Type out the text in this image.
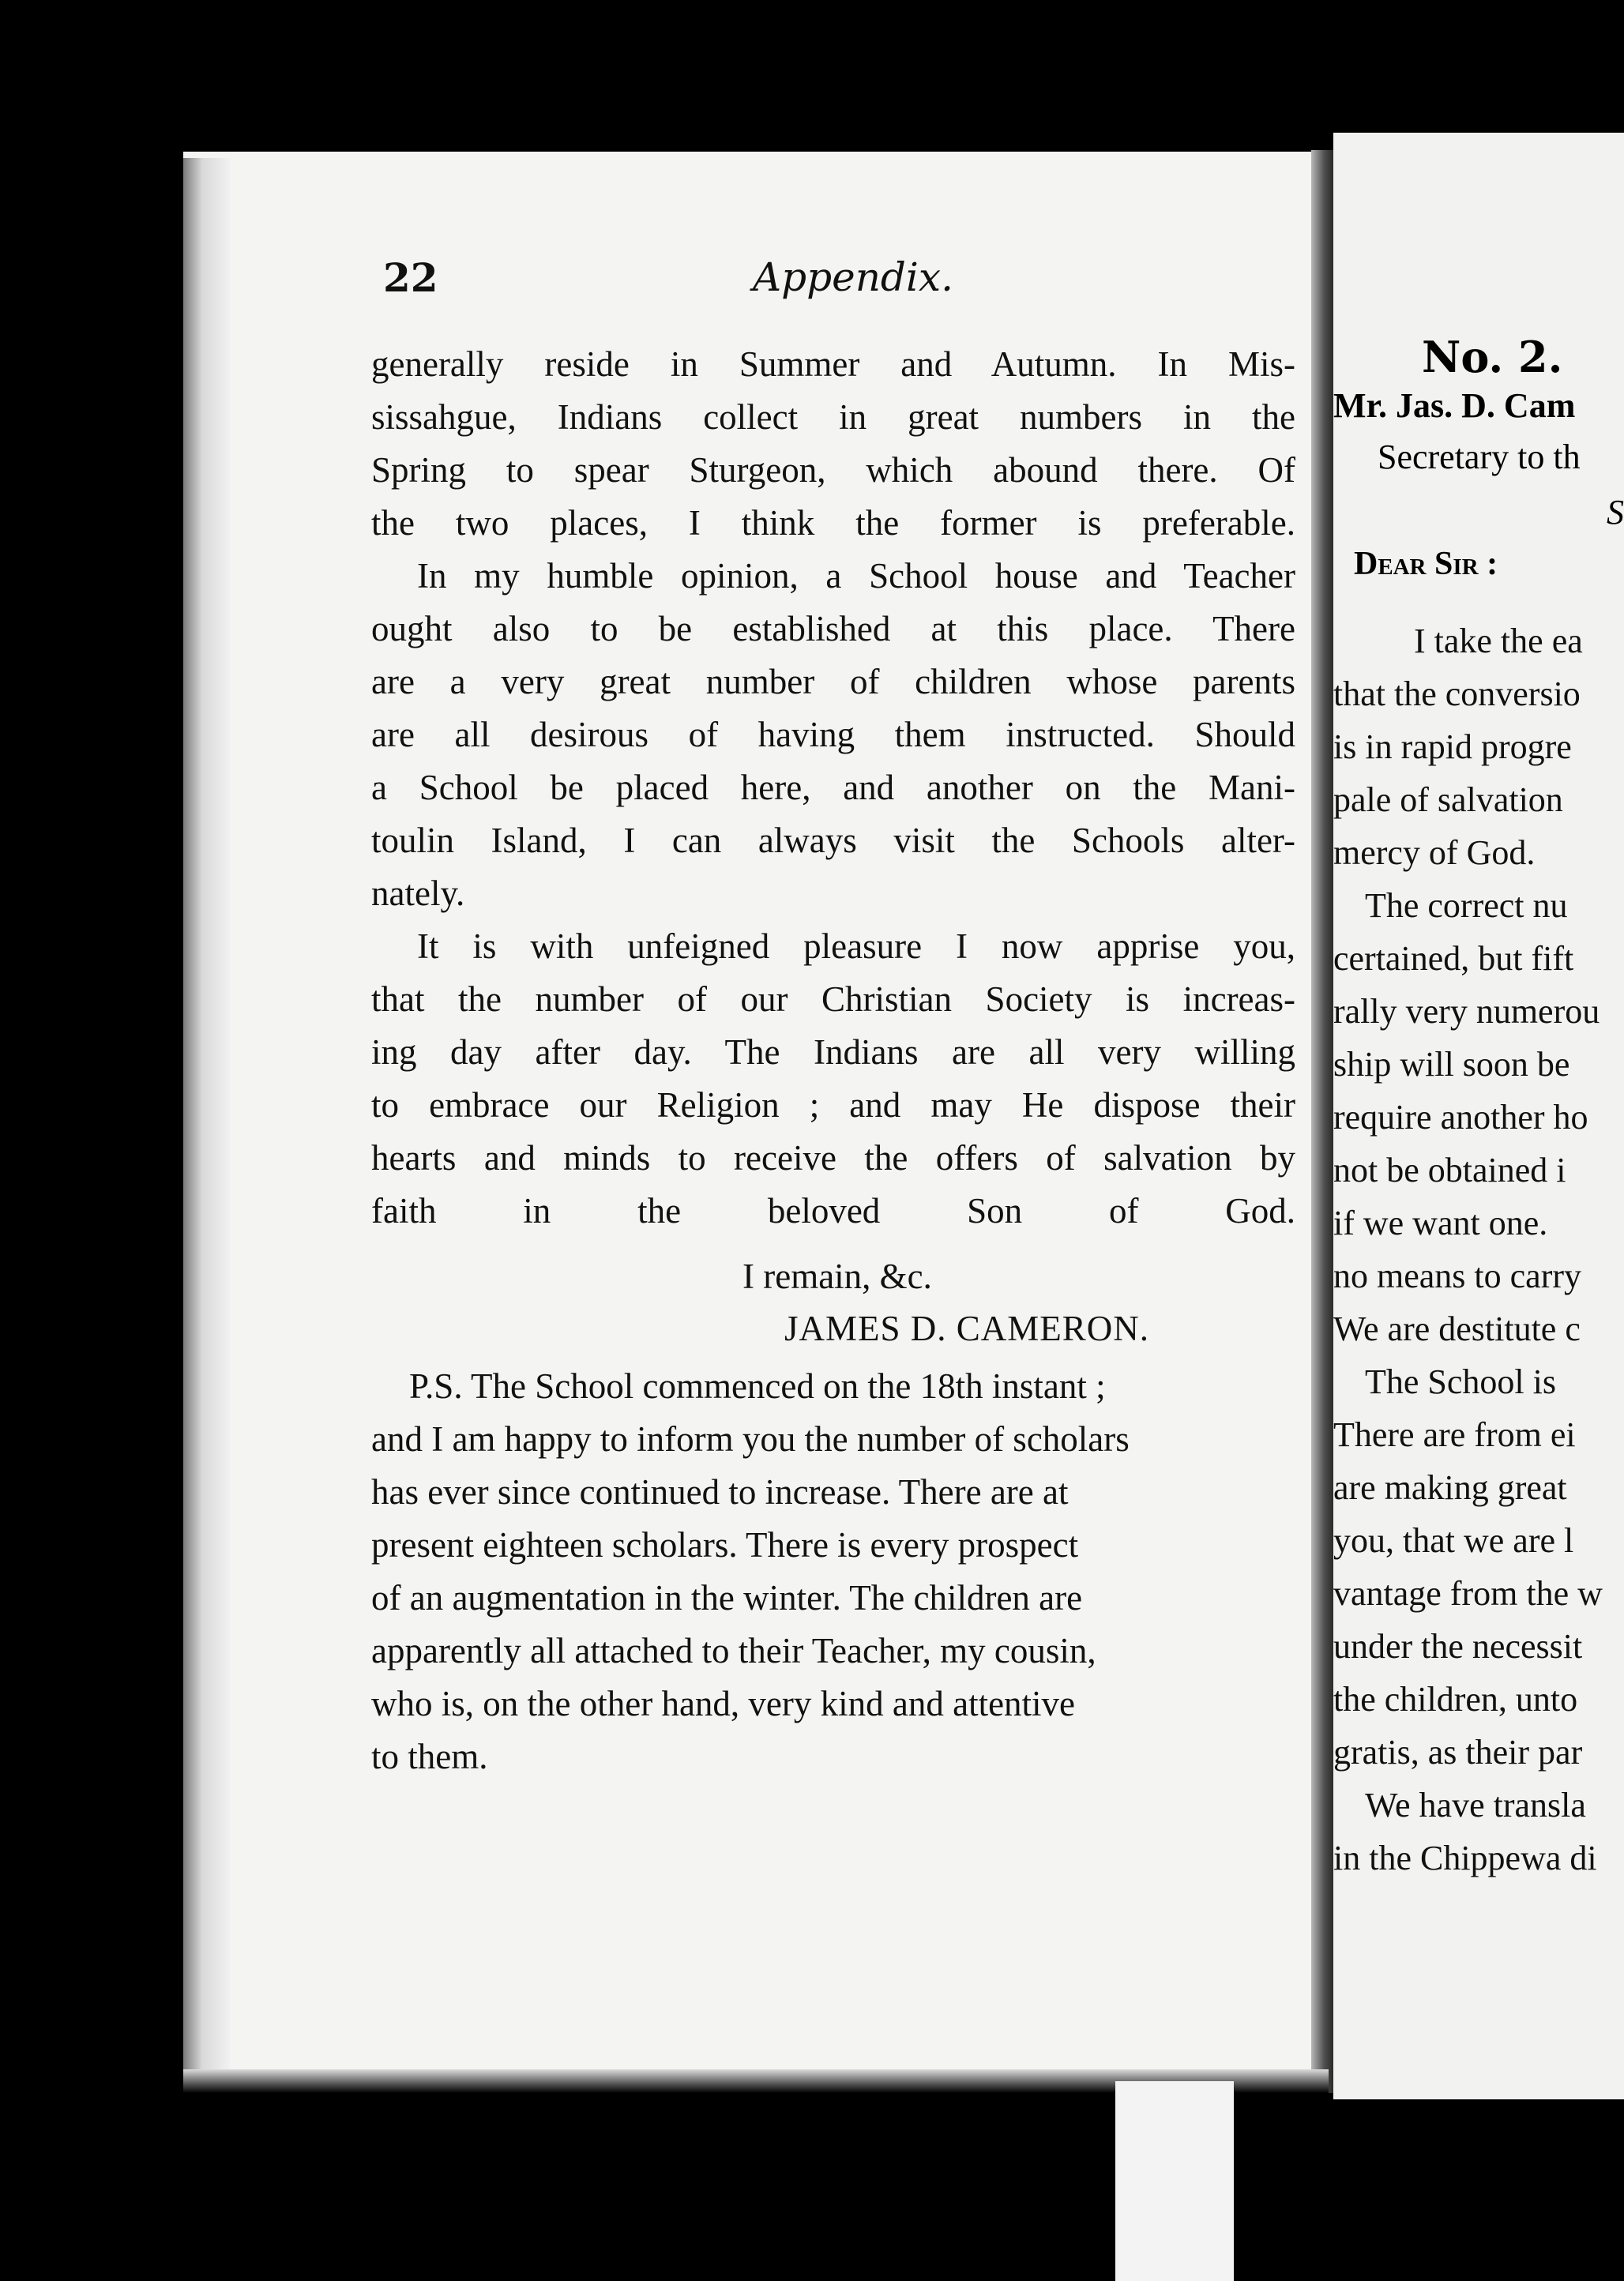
22	Appendix.

generally reside in Summer and Autumn. In Mis-
sissahgue, Indians collect in great numbers in the
Spring to spear Sturgeon, which abound there. Of
the two places, I think the former is preferable.

In my humble opinion, a School house and Teacher
ought also to be established at this place. There
are a very great number of children whose parents
are all desirous of having them instructed. Should
a School be placed here, and another on the Mani-
toulin Island, I can always visit the Schools alter-
nately.

It is with unfeigned pleasure I now apprise you,
that the number of our Christian Society is increas-
ing day after day. The Indians are all very willing
to embrace our Religion ; and may He dispose their
hearts and minds to receive the offers of salvation by
faith in the beloved Son of God.

I remain, &c.
JAMES D. CAMERON.
P.S. The School commenced on the 18th instant ;
and I am happy to inform you the number of scholars
has ever since continued to increase. There are at
present eighteen scholars. There is every prospect
of an augmentation in the winter. The children are
apparently all attached to their Teacher, my cousin,
who is, on the other hand, very kind and attentive
to them.
No. 2.
Mr. Jas. D. Cam
Secretary to th
S
Dear Sir :
I take the ea
that the conversio
is in rapid progre
pale of salvation
mercy of God.
The correct nu
certained, but fift
rally very numerou
ship will soon be
require another ho
not be obtained i
if we want one.
no means to carry
We are destitute c
The School is
There are from ei
are making great
you, that we are l
vantage from the w
under the necessit
the children, unto
gratis, as their par
We have transla
in the Chippewa di
